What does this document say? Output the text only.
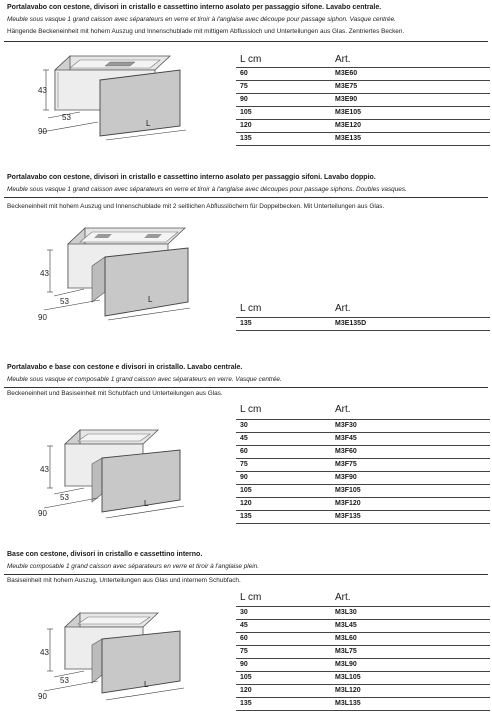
Portalavabo con cestone, divisori in cristallo e cassettino interno asolato per passaggio sifone. Lavabo centrale.
Meuble sous vasque 1 grand caisson avec séparateurs en verre et tiroir à l'anglaise avec découpe pour passage siphon. Vasque centrée.
Hängende Beckeneinheit mit hohem Auszug und Innenschublade mit mittigem Abflussloch und Unterteilungen aus Glas. Zentriertes Becken.
43
53
90
L
L cm	Art.
60	M3E60
75	M3E75
90	M3E90
105	M3E105
120	M3E120
135	M3E135
Portalavabo con cestone, divisori in cristallo e cassettino interno asolato per passaggio sifoni. Lavabo doppio.
Meuble sous vasque 1 grand caisson avec séparateurs en verre et tiroir à l'anglaise avec découpes pour passage siphons. Doubles vasques.
Beckeneinheit mit hohem Auszug und Innenschublade mit 2 seitlichen Abflusslöchern für Doppelbecken. Mit Unterteilungen aus Glas.
43
53
90
L
L cm	Art.
135	M3E135D
Portalavabo e base con cestone e divisori in cristallo. Lavabo centrale.
Meuble sous vasque et composable 1 grand caisson avec séparateurs en verre. Vasque centrée.
Beckeneinheit und Basiseinheit mit Schubfach und Unterteilungen aus Glas.
43
53
90
L
L cm	Art.
30	M3F30
45	M3F45
60	M3F60
75	M3F75
90	M3F90
105	M3F105
120	M3F120
135	M3F135
Base con cestone, divisori in cristallo e cassettino interno.
Meuble composable 1 grand caisson avec séparateurs en verre et tiroir à l'anglaise plein.
Basiseinheit mit hohem Auszug, Unterteilungen aus Glas und internem Schubfach.
43
53
90
L
L cm	Art.
30	M3L30
45	M3L45
60	M3L60
75	M3L75
90	M3L90
105	M3L105
120	M3L120
135	M3L135
